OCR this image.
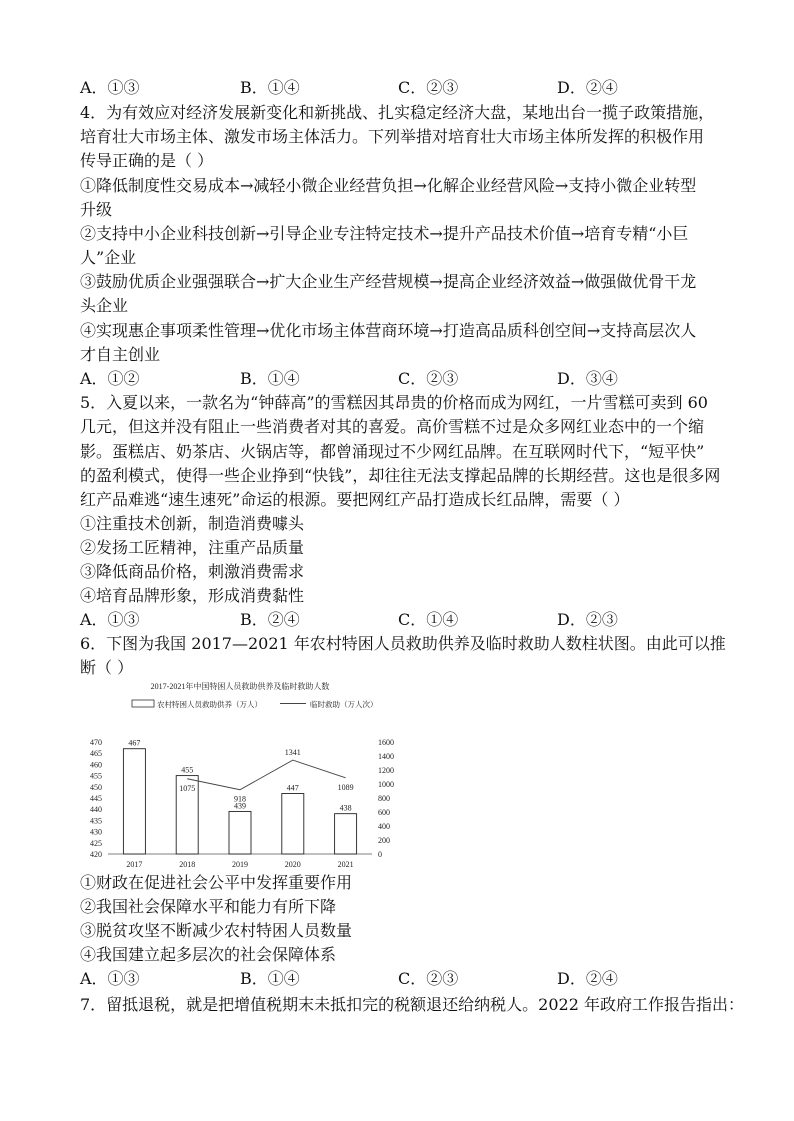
A．①③	B．①④	C．②③	D．②④
4．为有效应对经济发展新变化和新挑战、扎实稳定经济大盘，某地出台一揽子政策措施，
培育壮大市场主体、激发市场主体活力。下列举措对培育壮大市场主体所发挥的积极作用
传导正确的是（ ）
①降低制度性交易成本→减轻小微企业经营负担→化解企业经营风险→支持小微企业转型
升级
②支持中小企业科技创新→引导企业专注特定技术→提升产品技术价值→培育专精“小巨
人”企业
③鼓励优质企业强强联合→扩大企业生产经营规模→提高企业经济效益→做强做优骨干龙
头企业
④实现惠企事项柔性管理→优化市场主体营商环境→打造高品质科创空间→支持高层次人
才自主创业
A．①②	B．①④	C．②③	D．③④
5．入夏以来，一款名为“钟薛高”的雪糕因其昂贵的价格而成为网红，一片雪糕可卖到 60
几元，但这并没有阻止一些消费者对其的喜爱。高价雪糕不过是众多网红业态中的一个缩
影。蛋糕店、奶茶店、火锅店等，都曾涌现过不少网红品牌。在互联网时代下，“短平快”
的盈利模式，使得一些企业挣到“快钱”，却往往无法支撑起品牌的长期经营。这也是很多网
红产品难逃“速生速死”命运的根源。要把网红产品打造成长红品牌，需要（ ）
①注重技术创新，制造消费噱头
②发扬工匠精神，注重产品质量
③降低商品价格，刺激消费需求
④培育品牌形象，形成消费黏性
A．①③	B．②④	C．①④	D．②③
6．下图为我国 2017—2021 年农村特困人员救助供养及临时救助人数柱状图。由此可以推
断（ ）
2017-2021年中国特困人员救助供养及临时救助人数
农村特困人员救助供养（万人）	临时救助（万人次）
420
425
430
435
440
445
450
455
460
465
470
0
200
400
600
800
1000
1200
1400
1600
467
455
439
447
438
1075
918
1341
1089
2017	2018	2019	2020	2021
①财政在促进社会公平中发挥重要作用
②我国社会保障水平和能力有所下降
③脱贫攻坚不断减少农村特困人员数量
④我国建立起多层次的社会保障体系
A．①③	B．①④	C．②③	D．②④
7．留抵退税，就是把增值税期末未抵扣完的税额退还给纳税人。2022 年政府工作报告指出：
